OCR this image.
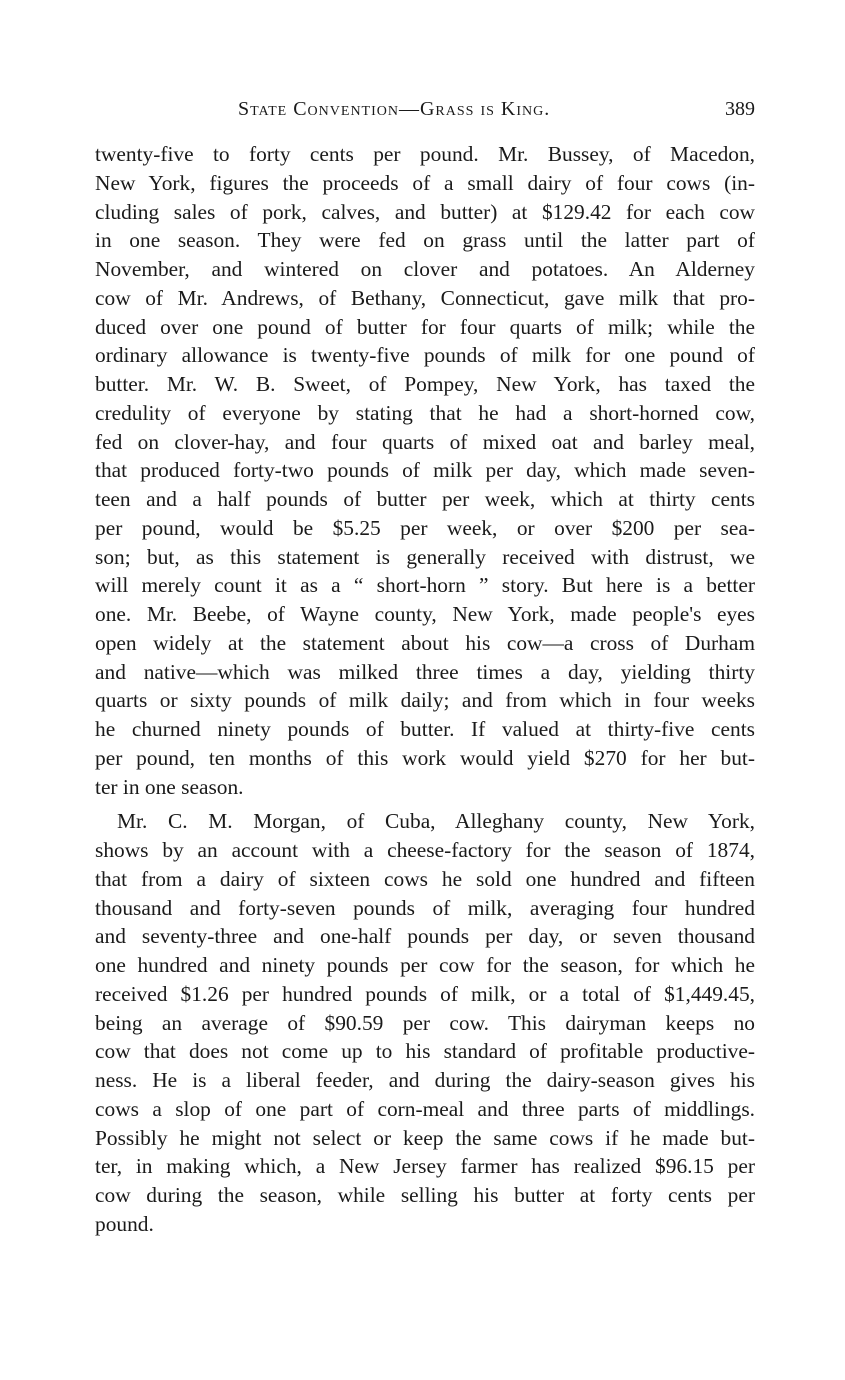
State Convention—Grass is King.	389
twenty-five to forty cents per pound. Mr. Bussey, of Macedon,
New York, figures the proceeds of a small dairy of four cows (in-
cluding sales of pork, calves, and butter) at $129.42 for each cow
in one season. They were fed on grass until the latter part of
November, and wintered on clover and potatoes. An Alderney
cow of Mr. Andrews, of Bethany, Connecticut, gave milk that pro-
duced over one pound of butter for four quarts of milk; while the
ordinary allowance is twenty-five pounds of milk for one pound of
butter. Mr. W. B. Sweet, of Pompey, New York, has taxed the
credulity of everyone by stating that he had a short-horned cow,
fed on clover-hay, and four quarts of mixed oat and barley meal,
that produced forty-two pounds of milk per day, which made seven-
teen and a half pounds of butter per week, which at thirty cents
per pound, would be $5.25 per week, or over $200 per sea-
son; but, as this statement is generally received with distrust, we
will merely count it as a “ short-horn ” story. But here is a better
one. Mr. Beebe, of Wayne county, New York, made people's eyes
open widely at the statement about his cow—a cross of Durham
and native—which was milked three times a day, yielding thirty
quarts or sixty pounds of milk daily; and from which in four weeks
he churned ninety pounds of butter. If valued at thirty-five cents
per pound, ten months of this work would yield $270 for her but-
ter in one season.
Mr. C. M. Morgan, of Cuba, Alleghany county, New York,
shows by an account with a cheese-factory for the season of 1874,
that from a dairy of sixteen cows he sold one hundred and fifteen
thousand and forty-seven pounds of milk, averaging four hundred
and seventy-three and one-half pounds per day, or seven thousand
one hundred and ninety pounds per cow for the season, for which he
received $1.26 per hundred pounds of milk, or a total of $1,449.45,
being an average of $90.59 per cow. This dairyman keeps no
cow that does not come up to his standard of profitable productive-
ness. He is a liberal feeder, and during the dairy-season gives his
cows a slop of one part of corn-meal and three parts of middlings.
Possibly he might not select or keep the same cows if he made but-
ter, in making which, a New Jersey farmer has realized $96.15 per
cow during the season, while selling his butter at forty cents per
pound.
